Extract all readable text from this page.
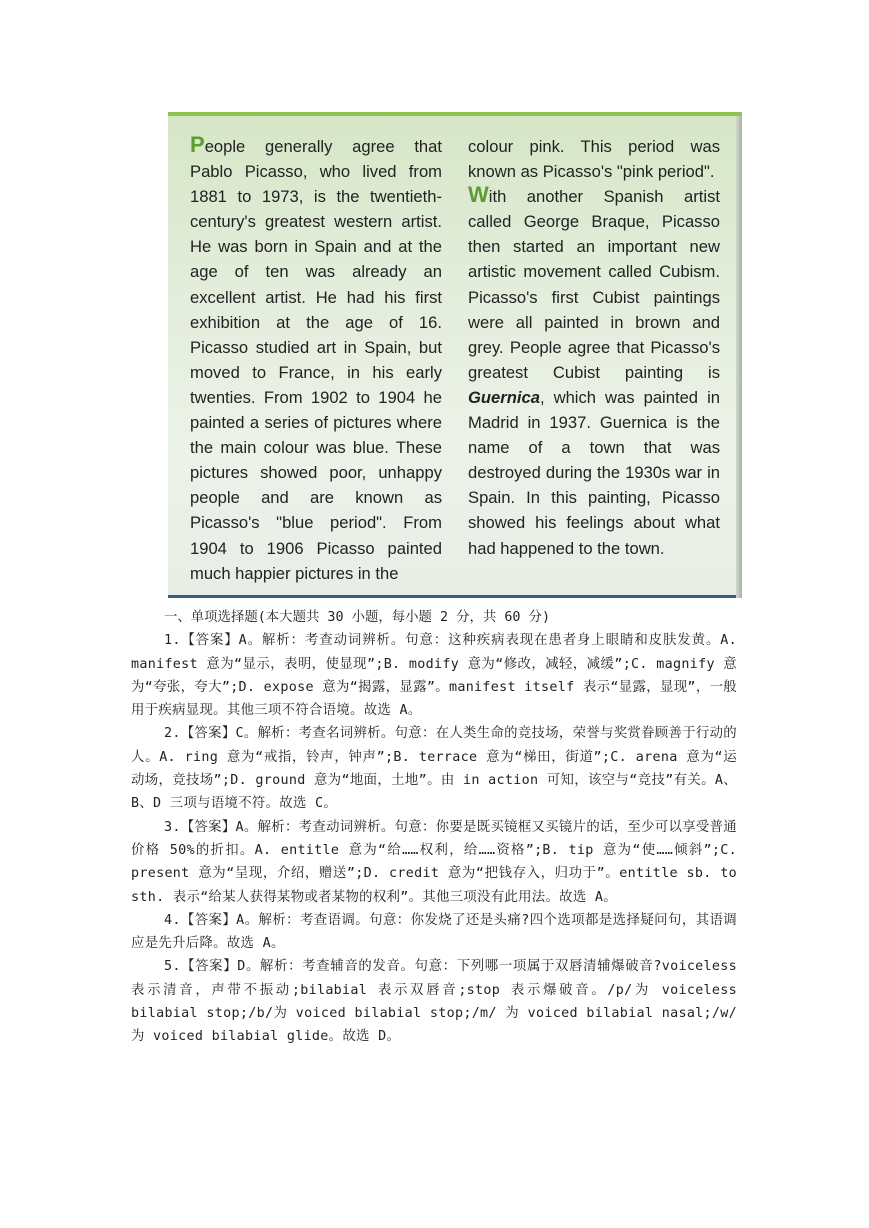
People generally agree that Pablo Picasso, who lived from 1881 to 1973, is the twentieth-century's greatest western artist. He was born in Spain and at the age of ten was already an excellent artist. He had his first exhibition at the age of 16. Picasso studied art in Spain, but moved to France, in his early twenties. From 1902 to 1904 he painted a series of pictures where the main colour was blue. These pictures showed poor, unhappy people and are known as Picasso's "blue period". From 1904 to 1906 Picasso painted much happier pictures in the

colour pink. This period was known as Picasso's "pink period".

With another Spanish artist called George Braque, Picasso then started an important new artistic movement called Cubism. Picasso's first Cubist paintings were all painted in brown and grey. People agree that Picasso's greatest Cubist painting is Guernica, which was painted in Madrid in 1937. Guernica is the name of a town that was destroyed during the 1930s war in Spain. In this painting, Picasso showed his feelings about what had happened to the town.

一、单项选择题(本大题共 30 小题，每小题 2 分，共 60 分)

1.【答案】A。解析：考查动词辨析。句意：这种疾病表现在患者身上眼睛和皮肤发黄。A. manifest 意为“显示，表明，使显现”;B. modify 意为“修改，减轻，减缓”;C. magnify 意为“夸张，夸大”;D. expose 意为“揭露，显露”。manifest itself 表示“显露，显现”，一般用于疾病显现。其他三项不符合语境。故选 A。

2.【答案】C。解析：考查名词辨析。句意：在人类生命的竞技场，荣誉与奖赏眷顾善于行动的人。A. ring 意为“戒指，铃声，钟声”;B. terrace 意为“梯田，街道”;C. arena 意为“运动场，竞技场”;D. ground 意为“地面，土地”。由 in action 可知，该空与“竞技”有关。A、B、D 三项与语境不符。故选 C。

3.【答案】A。解析：考查动词辨析。句意：你要是既买镜框又买镜片的话，至少可以享受普通价格 50%的折扣。A. entitle 意为“给……权利，给……资格”;B. tip 意为“使……倾斜”;C. present 意为“呈现，介绍，赠送”;D. credit 意为“把钱存入，归功于”。entitle sb. to sth. 表示“给某人获得某物或者某物的权利”。其他三项没有此用法。故选 A。

4.【答案】A。解析：考查语调。句意：你发烧了还是头痛?四个选项都是选择疑问句，其语调应是先升后降。故选 A。

5.【答案】D。解析：考查辅音的发音。句意：下列哪一项属于双唇清辅爆破音?voiceless 表示清音，声带不振动;bilabial 表示双唇音;stop 表示爆破音。/p/为 voiceless bilabial stop;/b/为 voiced bilabial stop;/m/ 为 voiced bilabial nasal;/w/为 voiced bilabial glide。故选 D。
